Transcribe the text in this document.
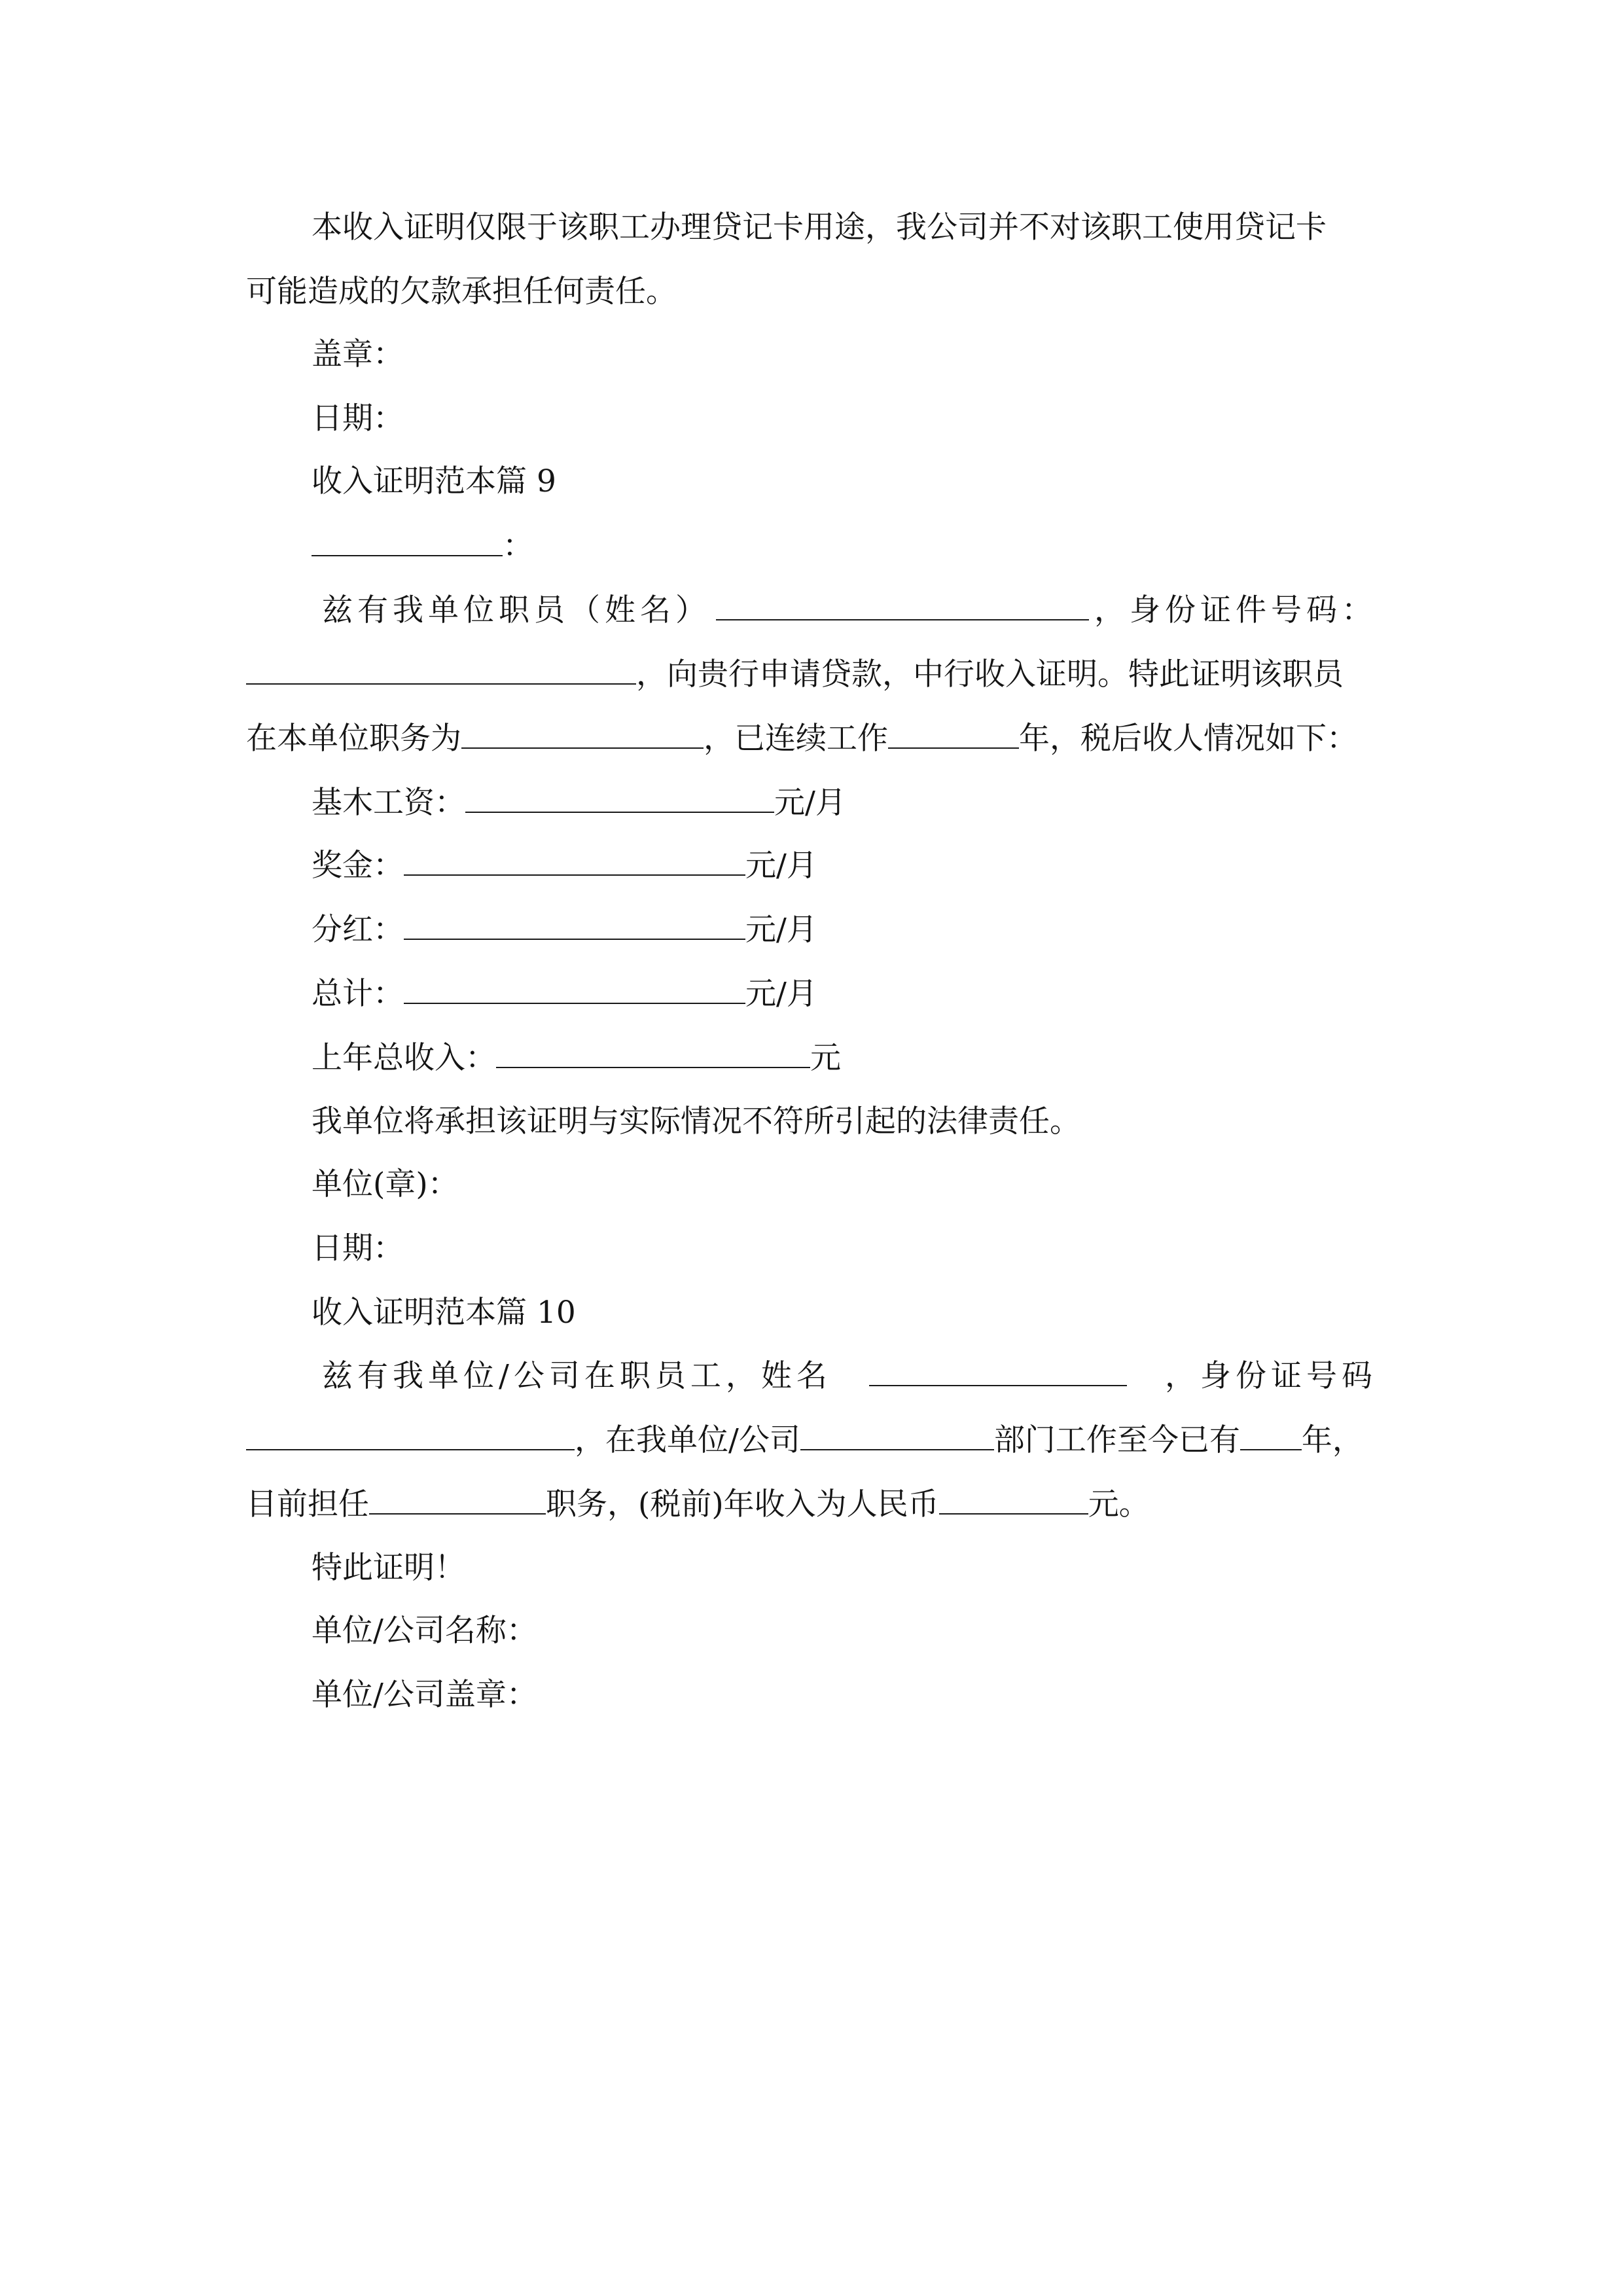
本收入证明仅限于该职工办理贷记卡用途，我公司并不对该职工使用贷记卡
可能造成的欠款承担任何责任。
盖章：
日期：
收入证明范本篇 9
：
兹有我单位职员（姓名）	，身份证件号码：
，向贵行申请贷款，中行收入证明。特此证明该职员
在本单位职务为	，已连续工作	年，税后收人情况如下：
基木工资：	元/月
奖金：	元/月
分红：	元/月
总计：	元/月
上年总收入：	元
我单位将承担该证明与实际情况不符所引起的法律责任。
单位(章)：
日期：
收入证明范本篇 10
兹有我单位/公司在职员工，姓名	，身份证号码
，在我单位/公司	部门工作至今已有 年，
目前担任	职务，(税前)年收入为人民币	元。
特此证明！
单位/公司名称：
单位/公司盖章：
